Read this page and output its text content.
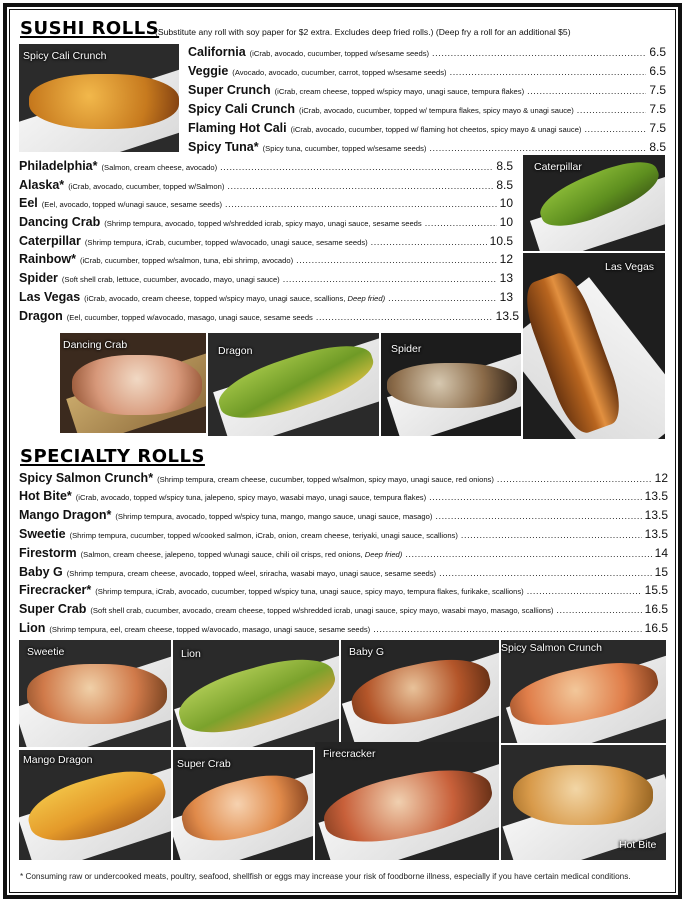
SUSHI ROLLS
(Substitute any roll with soy paper for $2 extra. Excludes deep fried rolls.) (Deep fry a roll for an additional $5)
California (iCrab, avocado, cucumber, topped w/sesame seeds) .....	6.5
Veggie (Avocado, avocado, cucumber, carrot, topped w/sesame seeds) .....	6.5
Super Crunch (iCrab, cream cheese, topped w/spicy mayo, unagi sauce, tempura flakes) .....	7.5
Spicy Cali Crunch (iCrab, avocado, cucumber, topped w/ tempura flakes, spicy mayo & unagi sauce) .....	7.5
Flaming Hot Cali (iCrab, avocado, cucumber, topped w/ flaming hot cheetos, spicy mayo & unagi sauce) .....	7.5
Spicy Tuna* (Spicy tuna, cucumber, topped w/sesame seeds) .....	8.5
Philadelphia* (Salmon, cream cheese, avocado) .....	8.5
Alaska* (iCrab, avocado, cucumber, topped w/Salmon) .....	8.5
Eel (Eel, avocado, topped w/unagi sauce, sesame seeds) .....	10
Dancing Crab (Shrimp tempura, avocado, topped w/shredded icrab, spicy mayo, unagi sauce, sesame seeds .....	10
Caterpillar (Shrimp tempura, iCrab, cucumber, topped w/avocado, unagi sauce, sesame seeds) .....	10.5
Rainbow* (iCrab, cucumber, topped w/salmon, tuna, ebi shrimp, avocado) .....	12
Spider (Soft shell crab, lettuce, cucumber, avocado, mayo, unagi sauce) .....	13
Las Vegas (iCrab, avocado, cream cheese, topped w/spicy mayo, unagi sauce, scallions, Deep fried) .....	13
Dragon (Eel, cucumber, topped w/avocado, masago, unagi sauce, sesame seeds .....	13.5
Spicy Cali Crunch
Caterpillar
Las Vegas
Dancing Crab	Dragon	Spider
SPECIALTY ROLLS
Spicy Salmon Crunch* (Shrimp tempura, cream cheese, cucumber, topped w/salmon, spicy mayo, unagi sauce, red onions) .....	12
Hot Bite* (iCrab, avocado, topped w/spicy tuna, jalepeno, spicy mayo, wasabi mayo, unagi sauce, tempura flakes) .....	13.5
Mango Dragon* (Shrimp tempura, avocado, topped w/spicy tuna, mango, mango sauce, unagi sauce, masago) .....	13.5
Sweetie (Shrimp tempura, cucumber, topped w/cooked salmon, iCrab, onion, cream cheese, teriyaki, unagi sauce, scallions) .....	13.5
Firestorm (Salmon, cream cheese, jalepeno, topped w/unagi sauce, chili oil crisps, red onions, Deep fried) .....	14
Baby G (Shrimp tempura, cream cheese, avocado, topped w/eel, sriracha, wasabi mayo, unagi sauce, sesame seeds) .....	15
Firecracker* (Shrimp tempura, iCrab, avocado, cucumber, topped w/spicy tuna, unagi sauce, spicy mayo, tempura flakes, furikake, scallions) .....	15.5
Super Crab (Soft shell crab, cucumber, avocado, cream cheese, topped w/shredded icrab, unagi sauce, spicy mayo, wasabi mayo, masago, scallions) .....	16.5
Lion (Shrimp tempura, eel, cream cheese, topped w/avocado, masago, unagi sauce, sesame seeds) .....	16.5
Sweetie	Lion	Baby G	Spicy Salmon Crunch
Mango Dragon	Super Crab
Firecracker
Hot Bite
* Consuming raw or undercooked meats, poultry, seafood, shellfish or eggs may increase your risk of foodborne illness, especially if you have certain medical conditions.
